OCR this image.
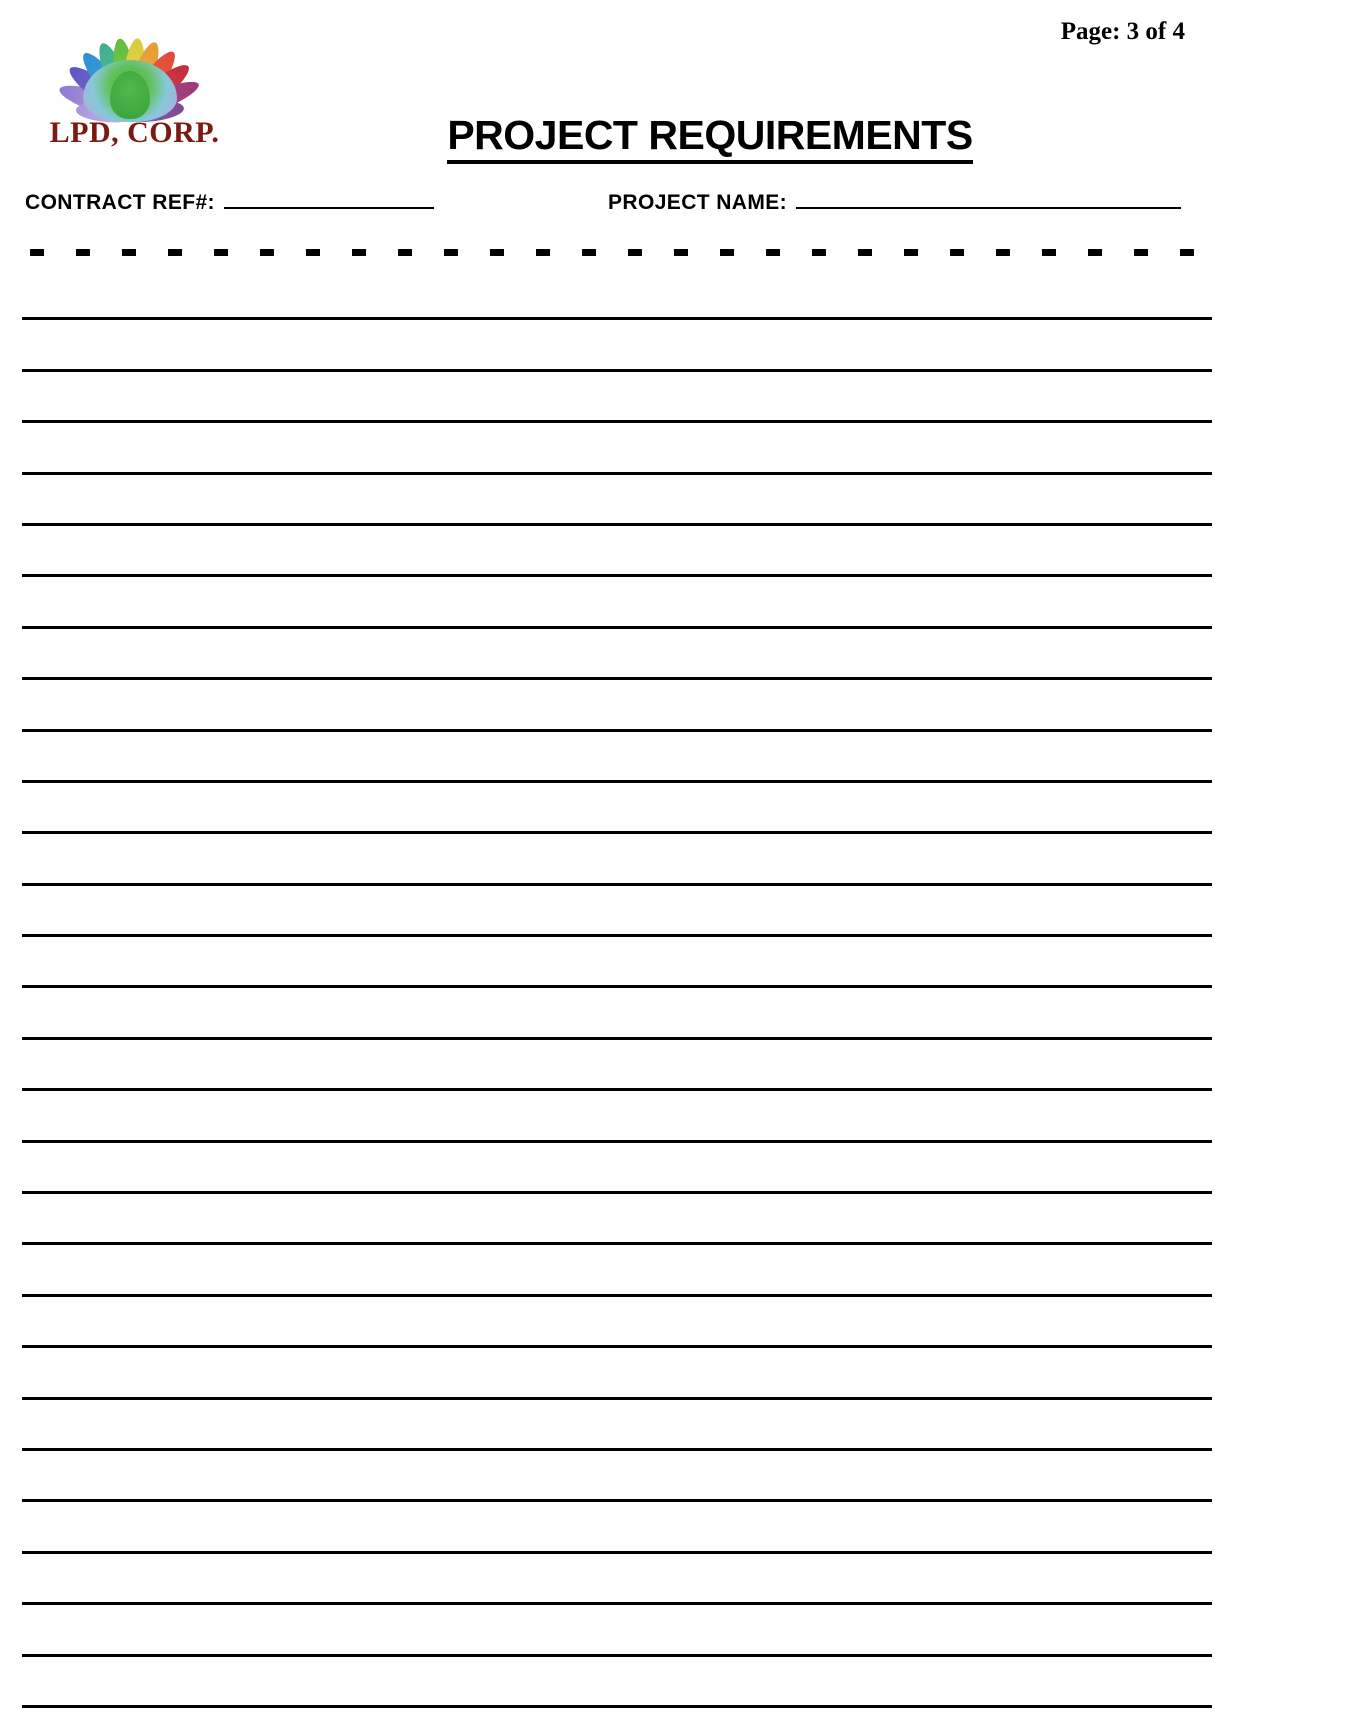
LPD, CORP.
Page: 3 of 4
PROJECT REQUIREMENTS
CONTRACT REF#:	PROJECT NAME:
